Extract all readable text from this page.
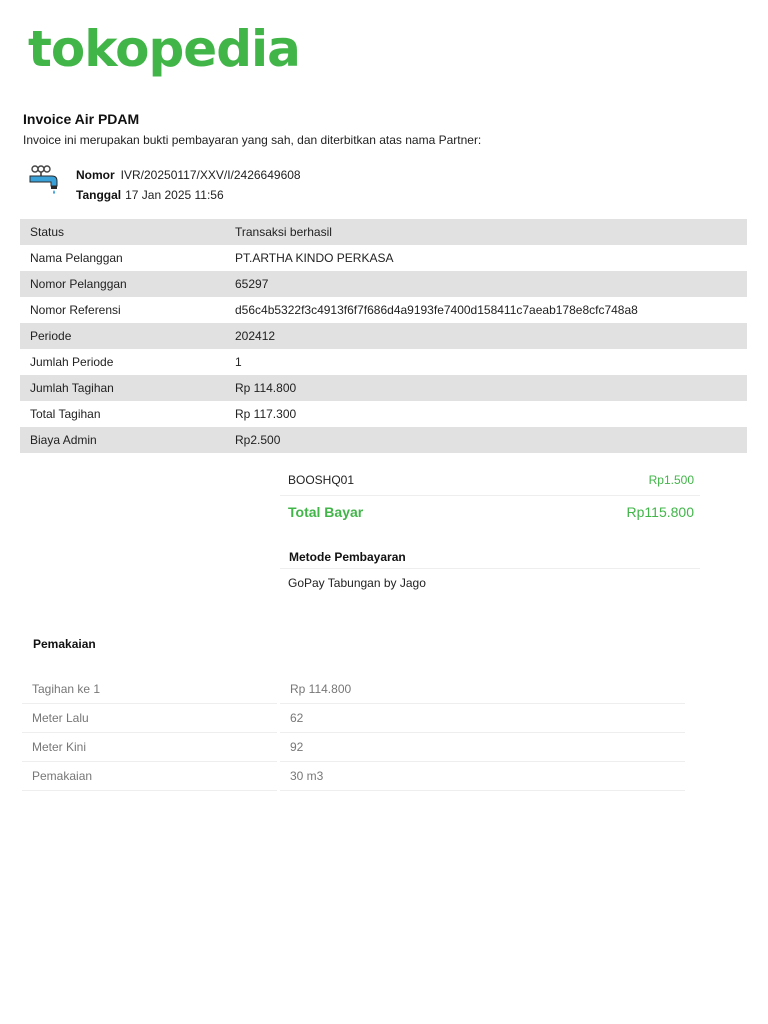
tokopedia
Invoice Air PDAM
Invoice ini merupakan bukti pembayaran yang sah, dan diterbitkan atas nama Partner:
Nomor IVR/20250117/XXV/I/2426649608
Tanggal 17 Jan 2025 11:56
Status	Transaksi berhasil
Nama Pelanggan	PT.ARTHA KINDO PERKASA
Nomor Pelanggan	65297
Nomor Referensi	d56c4b5322f3c4913f6f7f686d4a9193fe7400d158411c7aeab178e8cfc748a8
Periode	202412
Jumlah Periode	1
Jumlah Tagihan	Rp 114.800
Total Tagihan	Rp 117.300
Biaya Admin	Rp2.500
BOOSHQ01	Rp1.500
Total Bayar	Rp115.800
Metode Pembayaran
GoPay Tabungan by Jago
Pemakaian
Tagihan ke 1		Rp 114.800
Meter Lalu		62
Meter Kini		92
Pemakaian		30 m3
